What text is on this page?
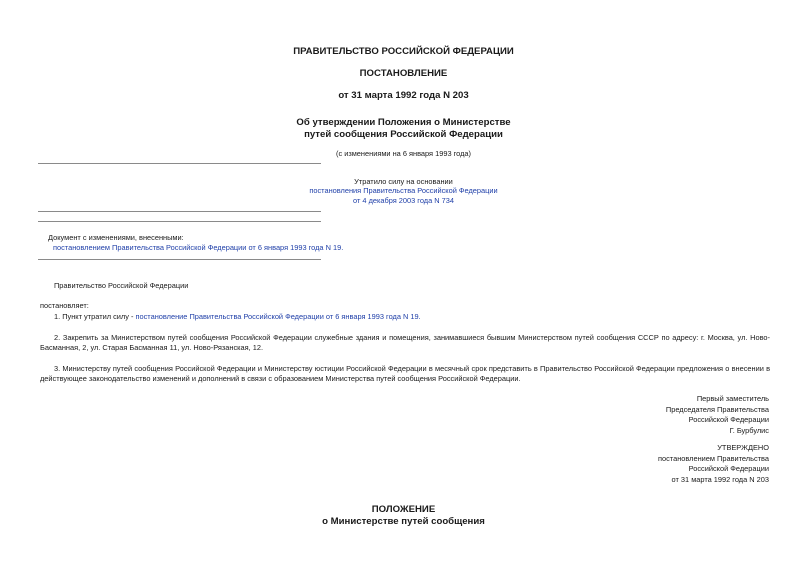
ПРАВИТЕЛЬСТВО РОССИЙСКОЙ ФЕДЕРАЦИИ
ПОСТАНОВЛЕНИЕ
от 31 марта 1992 года N 203
Об утверждении Положения о Министерстве
путей сообщения Российской Федерации
(с изменениями на 6 января 1993 года)
Утратило силу на основании
постановления Правительства Российской Федерации
от 4 декабря 2003 года N 734
Документ с изменениями, внесенными:
постановлением Правительства Российской Федерации от 6 января 1993 года N 19.
Правительство Российской Федерации
постановляет:
1. Пункт утратил силу - постановление Правительства Российской Федерации от 6 января 1993 года N 19.
2. Закрепить за Министерством путей сообщения Российской Федерации служебные здания и помещения, занимавшиеся бывшим Министерством путей сообщения СССР по адресу: г. Москва, ул. Ново-Басманная, 2, ул. Старая Басманная 11, ул. Ново-Рязанская, 12.
3. Министерству путей сообщения Российской Федерации и Министерству юстиции Российской Федерации в месячный срок представить в Правительство Российской Федерации предложения о внесении в действующее законодательство изменений и дополнений в связи с образованием Министерства путей сообщения Российской Федерации.
Первый заместитель
Председателя Правительства
Российской Федерации
Г. Бурбулис
УТВЕРЖДЕНО
постановлением Правительства
Российской Федерации
от 31 марта 1992 года N 203
ПОЛОЖЕНИЕ
о Министерстве путей сообщения
